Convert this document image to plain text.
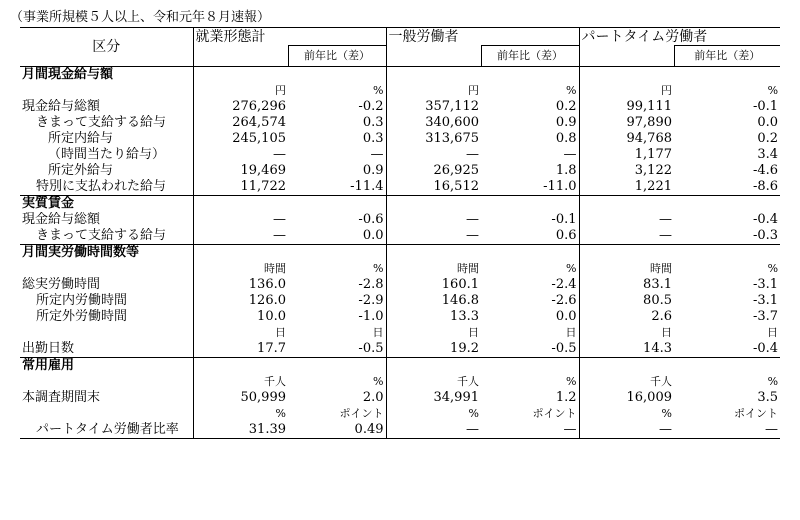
（事業所規模５人以上、令和元年８月速報）
区分	就業形態計		一般労働者		パートタイム労働者	
		前年比（差）		前年比（差）		前年比（差）
月間現金給与額						
	円	%	円	%	円	%
現金給与総額	276,296	-0.2	357,112	0.2	99,111	-0.1
きまって支給する給与	264,574	0.3	340,600	0.9	97,890	0.0
所定内給与	245,105	0.3	313,675	0.8	94,768	0.2
（時間当たり給与）	—	—	—	—	1,177	3.4
所定外給与	19,469	0.9	26,925	1.8	3,122	-4.6
特別に支払われた給与	11,722	-11.4	16,512	-11.0	1,221	-8.6
実質賃金						
現金給与総額	—	-0.6	—	-0.1	—	-0.4
きまって支給する給与	—	0.0	—	0.6	—	-0.3
月間実労働時間数等						
	時間	%	時間	%	時間	%
総実労働時間	136.0	-2.8	160.1	-2.4	83.1	-3.1
所定内労働時間	126.0	-2.9	146.8	-2.6	80.5	-3.1
所定外労働時間	10.0	-1.0	13.3	0.0	2.6	-3.7
	日	日	日	日	日	日
出勤日数	17.7	-0.5	19.2	-0.5	14.3	-0.4
常用雇用						
	千人	%	千人	%	千人	%
本調査期間末	50,999	2.0	34,991	1.2	16,009	3.5
	%	ポイント	%	ポイント	%	ポイント
パートタイム労働者比率	31.39	0.49	—	—	—	—
